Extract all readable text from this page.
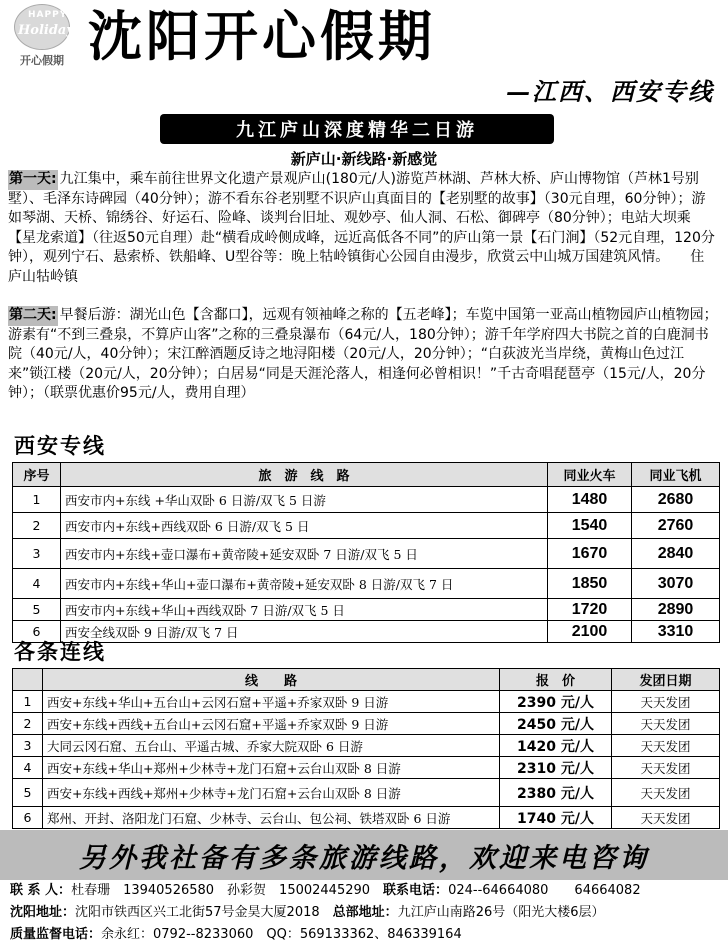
HAPPY
Holiday
开心假期 沈阳开心假期
—江西、西安专线
九江庐山深度精华二日游
新庐山·新线路·新感觉
第一天: 九江集中，乘车前往世界文化遗产景观庐山(180元/人)游览芦林湖、芦林大桥、庐山博物馆（芦林1号别墅）、毛泽东诗碑园（40分钟）；游不看东谷老别墅不识庐山真面目的【老别墅的故事】（30元自理，60分钟）；游如琴湖、天桥、锦绣谷、好运石、险峰、谈判台旧址、观妙亭、仙人洞、石松、御碑亭（80分钟）；电站大坝乘【星龙索道】（往返50元自理）赴“横看成岭侧成峰，远近高低各不同”的庐山第一景【石门涧】（52元自理，120分钟），观列宁石、悬索桥、铁船峰、U型谷等：晚上牯岭镇街心公园自由漫步，欣赏云中山城万国建筑风情。　　 住庐山牯岭镇
第二天: 早餐后游：湖光山色【含鄱口】，远观有领袖峰之称的【五老峰】；车览中国第一亚高山植物园庐山植物园；游素有“不到三叠泉，不算庐山客”之称的三叠泉瀑布（64元/人，180分钟）；游千年学府四大书院之首的白鹿洞书院（40元/人，40分钟）；宋江醉酒题反诗之地浔阳楼（20元/人，20分钟）；“白荻波光当岸绕，黄梅山色过江来”锁江楼（20元/人，20分钟）；白居易“同是天涯沦落人，相逢何必曾相识！”千古奇唱琵琶亭（15元/人，20分钟）；（联票优惠价95元/人，费用自理）
西安专线
序号	旅　游　线　路	同业火车	同业飞机
1	西安市内+东线 +华山双卧 6 日游/双飞 5 日游	1480	2680
2	西安市内+东线+西线双卧 6 日游/双飞 5 日	1540	2760
3	西安市内+东线+壶口瀑布+黄帝陵+延安双卧 7 日游/双飞 5 日	1670	2840
4	西安市内+东线+华山+壶口瀑布+黄帝陵+延安双卧 8 日游/双飞 7 日	1850	3070
5	西安市内+东线+华山+西线双卧 7 日游/双飞 5 日	1720	2890
6	西安全线双卧 9 日游/双飞 7 日	2100	3310
各条连线
	线　　路	报　价	发团日期
1	西安+东线+华山+五台山+云冈石窟+平遥+乔家双卧 9 日游	2390 元/人	天天发团
2	西安+东线+西线+五台山+云冈石窟+平遥+乔家双卧 9 日游	2450 元/人	天天发团
3	大同云冈石窟、五台山、平遥古城、乔家大院双卧 6 日游	1420 元/人	天天发团
4	西安+东线+华山+郑州+少林寺+龙门石窟+云台山双卧 8 日游	2310 元/人	天天发团
5	西安+东线+西线+郑州+少林寺+龙门石窟+云台山双卧 8 日游	2380 元/人	天天发团
6	郑州、开封、洛阳龙门石窟、少林寺、云台山、包公祠、铁塔双卧 6 日游	1740 元/人	天天发团
另外我社备有多条旅游线路，欢迎来电咨询
联 系 人：杜春珊　13940526580　孙彩贺　15002445290　 联系电话：024--64664080　　64664082
沈阳地址：沈阳市铁西区兴工北街57号金昊大厦2018　 总部地址：九江庐山南路26号（阳光大楼6层）
质量监督电话：余永红：0792--8233060　QQ：569133362、846339164
